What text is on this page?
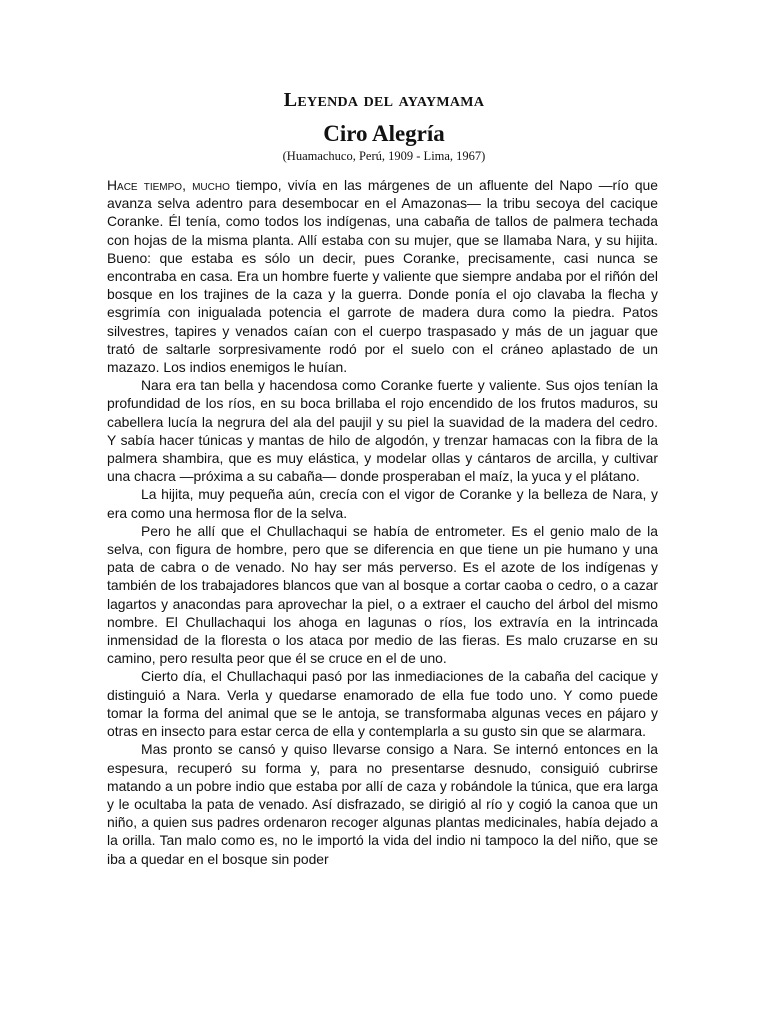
Leyenda del ayaymama
Ciro Alegría
(Huamachuco, Perú, 1909 - Lima, 1967)

Hace tiempo, mucho tiempo, vivía en las márgenes de un afluente del Napo —río que avanza selva adentro para desembocar en el Amazonas— la tribu secoya del cacique Coranke. Él tenía, como todos los indígenas, una cabaña de tallos de palmera techada con hojas de la misma planta. Allí estaba con su mujer, que se llamaba Nara, y su hijita. Bueno: que estaba es sólo un decir, pues Coranke, precisamente, casi nunca se encontraba en casa. Era un hombre fuerte y valiente que siempre andaba por el riñón del bosque en los trajines de la caza y la guerra. Donde ponía el ojo clavaba la flecha y esgrimía con inigualada potencia el garrote de madera dura como la piedra. Patos silvestres, tapires y venados caían con el cuerpo traspasado y más de un jaguar que trató de saltarle sorpresivamente rodó por el suelo con el cráneo aplastado de un mazazo. Los indios enemigos le huían.

Nara era tan bella y hacendosa como Coranke fuerte y valiente. Sus ojos tenían la profundidad de los ríos, en su boca brillaba el rojo encendido de los frutos maduros, su cabellera lucía la negrura del ala del paujil y su piel la suavidad de la madera del cedro. Y sabía hacer túnicas y mantas de hilo de algodón, y trenzar hamacas con la fibra de la palmera shambira, que es muy elástica, y modelar ollas y cántaros de arcilla, y cultivar una chacra —próxima a su cabaña— donde prosperaban el maíz, la yuca y el plátano.

La hijita, muy pequeña aún, crecía con el vigor de Coranke y la belleza de Nara, y era como una hermosa flor de la selva.

Pero he allí que el Chullachaqui se había de entrometer. Es el genio malo de la selva, con figura de hombre, pero que se diferencia en que tiene un pie humano y una pata de cabra o de venado. No hay ser más perverso. Es el azote de los indígenas y también de los trabajadores blancos que van al bosque a cortar caoba o cedro, o a cazar lagartos y anacondas para aprovechar la piel, o a extraer el caucho del árbol del mismo nombre. El Chullachaqui los ahoga en lagunas o ríos, los extravía en la intrincada inmensidad de la floresta o los ataca por medio de las fieras. Es malo cruzarse en su camino, pero resulta peor que él se cruce en el de uno.

Cierto día, el Chullachaqui pasó por las inmediaciones de la cabaña del cacique y distinguió a Nara. Verla y quedarse enamorado de ella fue todo uno. Y como puede tomar la forma del animal que se le antoja, se transformaba algunas veces en pájaro y otras en insecto para estar cerca de ella y contemplarla a su gusto sin que se alarmara.

Mas pronto se cansó y quiso llevarse consigo a Nara. Se internó entonces en la espesura, recuperó su forma y, para no presentarse desnudo, consiguió cubrirse matando a un pobre indio que estaba por allí de caza y robándole la túnica, que era larga y le ocultaba la pata de venado. Así disfrazado, se dirigió al río y cogió la canoa que un niño, a quien sus padres ordenaron recoger algunas plantas medicinales, había dejado a la orilla. Tan malo como es, no le importó la vida del indio ni tampoco la del niño, que se iba a quedar en el bosque sin poder
